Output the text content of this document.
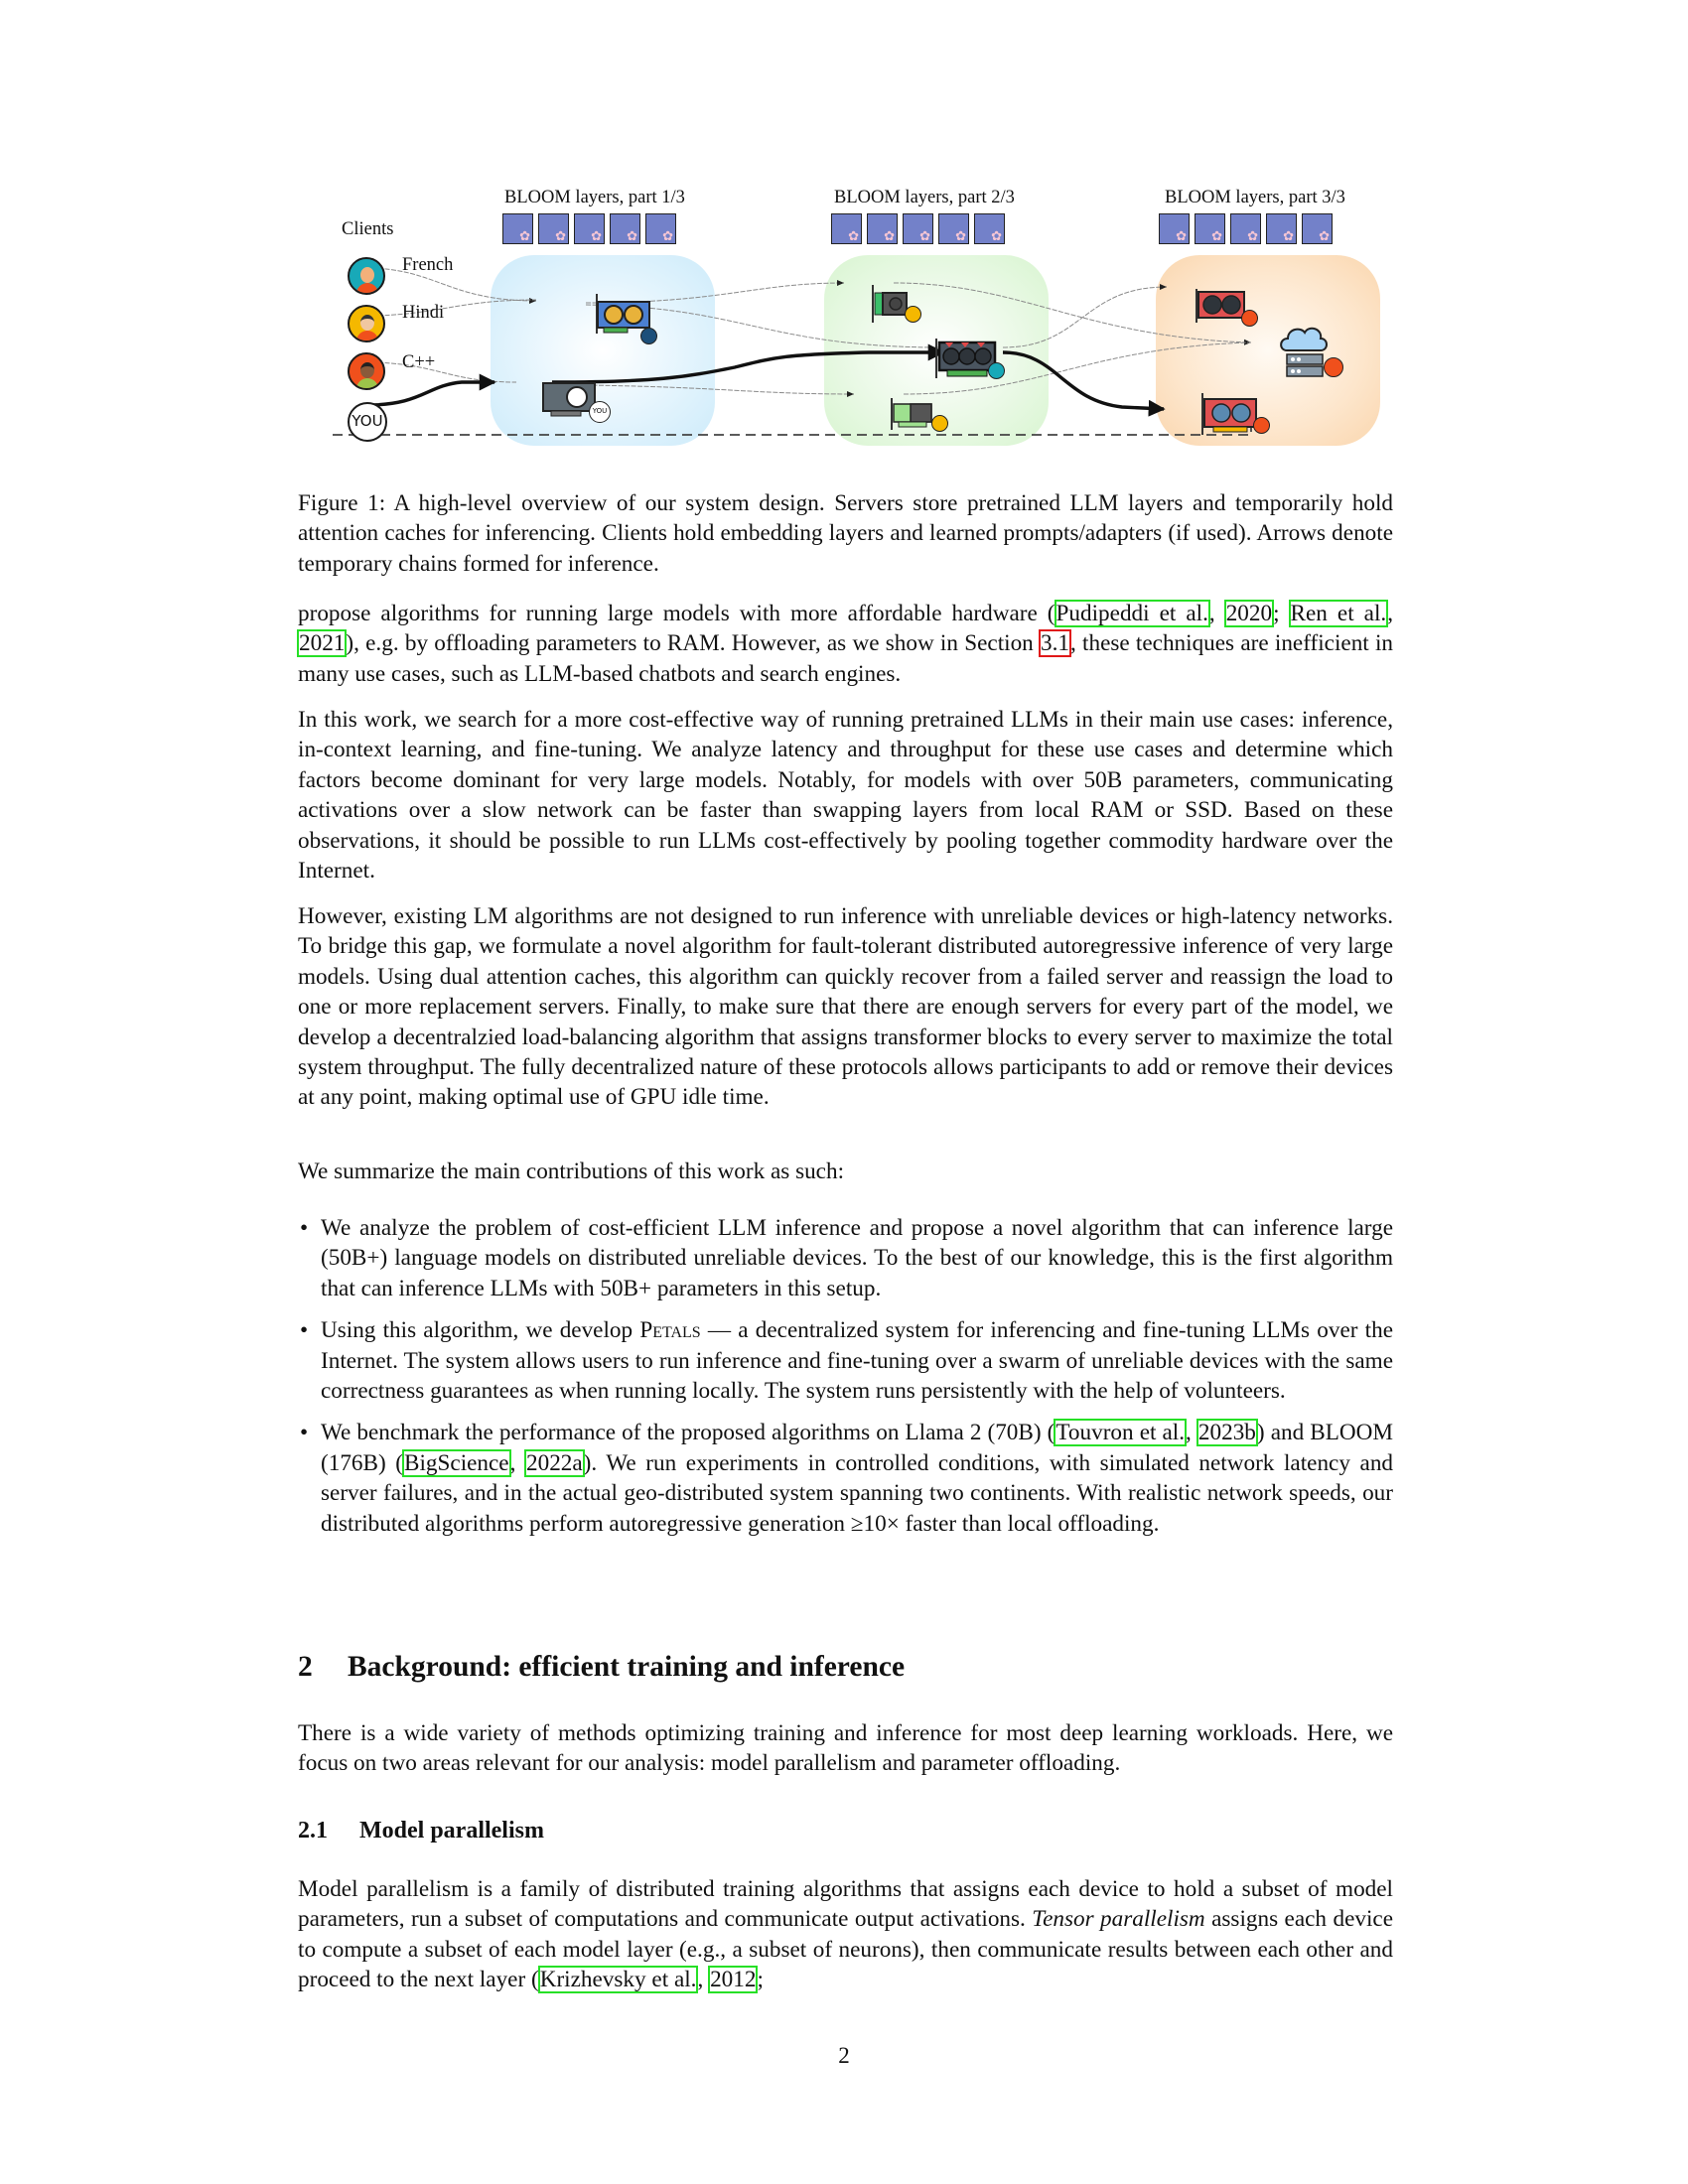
Clients
BLOOM layers, part 1/3	BLOOM layers, part 2/3	BLOOM layers, part 3/3
✿ ✿ ✿ ✿ ✿	✿ ✿ ✿ ✿ ✿	✿ ✿ ✿ ✿ ✿
French
Hindi
C++
YOU
YOU

Figure 1: A high-level overview of our system design. Servers store pretrained LLM layers and temporarily hold attention caches for inferencing. Clients hold embedding layers and learned prompts/adapters (if used). Arrows denote temporary chains formed for inference.

propose algorithms for running large models with more affordable hardware (Pudipeddi et al., 2020; Ren et al., 2021), e.g. by offloading parameters to RAM. However, as we show in Section 3.1, these techniques are inefficient in many use cases, such as LLM-based chatbots and search engines.

In this work, we search for a more cost-effective way of running pretrained LLMs in their main use cases: inference, in-context learning, and fine-tuning. We analyze latency and throughput for these use cases and determine which factors become dominant for very large models. Notably, for models with over 50B parameters, communicating activations over a slow network can be faster than swapping layers from local RAM or SSD. Based on these observations, it should be possible to run LLMs cost-effectively by pooling together commodity hardware over the Internet.

However, existing LM algorithms are not designed to run inference with unreliable devices or high-latency networks. To bridge this gap, we formulate a novel algorithm for fault-tolerant distributed autoregressive inference of very large models. Using dual attention caches, this algorithm can quickly recover from a failed server and reassign the load to one or more replacement servers. Finally, to make sure that there are enough servers for every part of the model, we develop a decentralzied load-balancing algorithm that assigns transformer blocks to every server to maximize the total system throughput. The fully decentralized nature of these protocols allows participants to add or remove their devices at any point, making optimal use of GPU idle time.

We summarize the main contributions of this work as such:

• We analyze the problem of cost-efficient LLM inference and propose a novel algorithm that can inference large (50B+) language models on distributed unreliable devices. To the best of our knowledge, this is the first algorithm that can inference LLMs with 50B+ parameters in this setup.
• Using this algorithm, we develop Petals — a decentralized system for inferencing and fine-tuning LLMs over the Internet. The system allows users to run inference and fine-tuning over a swarm of unreliable devices with the same correctness guarantees as when running locally. The system runs persistently with the help of volunteers.
• We benchmark the performance of the proposed algorithms on Llama 2 (70B) (Touvron et al., 2023b) and BLOOM (176B) (BigScience, 2022a). We run experiments in controlled conditions, with simulated network latency and server failures, and in the actual geo-distributed system spanning two continents. With realistic network speeds, our distributed algorithms perform autoregressive generation ≥10× faster than local offloading.
2 Background: efficient training and inference

There is a wide variety of methods optimizing training and inference for most deep learning workloads. Here, we focus on two areas relevant for our analysis: model parallelism and parameter offloading.

2.1 Model parallelism

Model parallelism is a family of distributed training algorithms that assigns each device to hold a subset of model parameters, run a subset of computations and communicate output activations. Tensor parallelism assigns each device to compute a subset of each model layer (e.g., a subset of neurons), then communicate results between each other and proceed to the next layer (Krizhevsky et al., 2012;

2
